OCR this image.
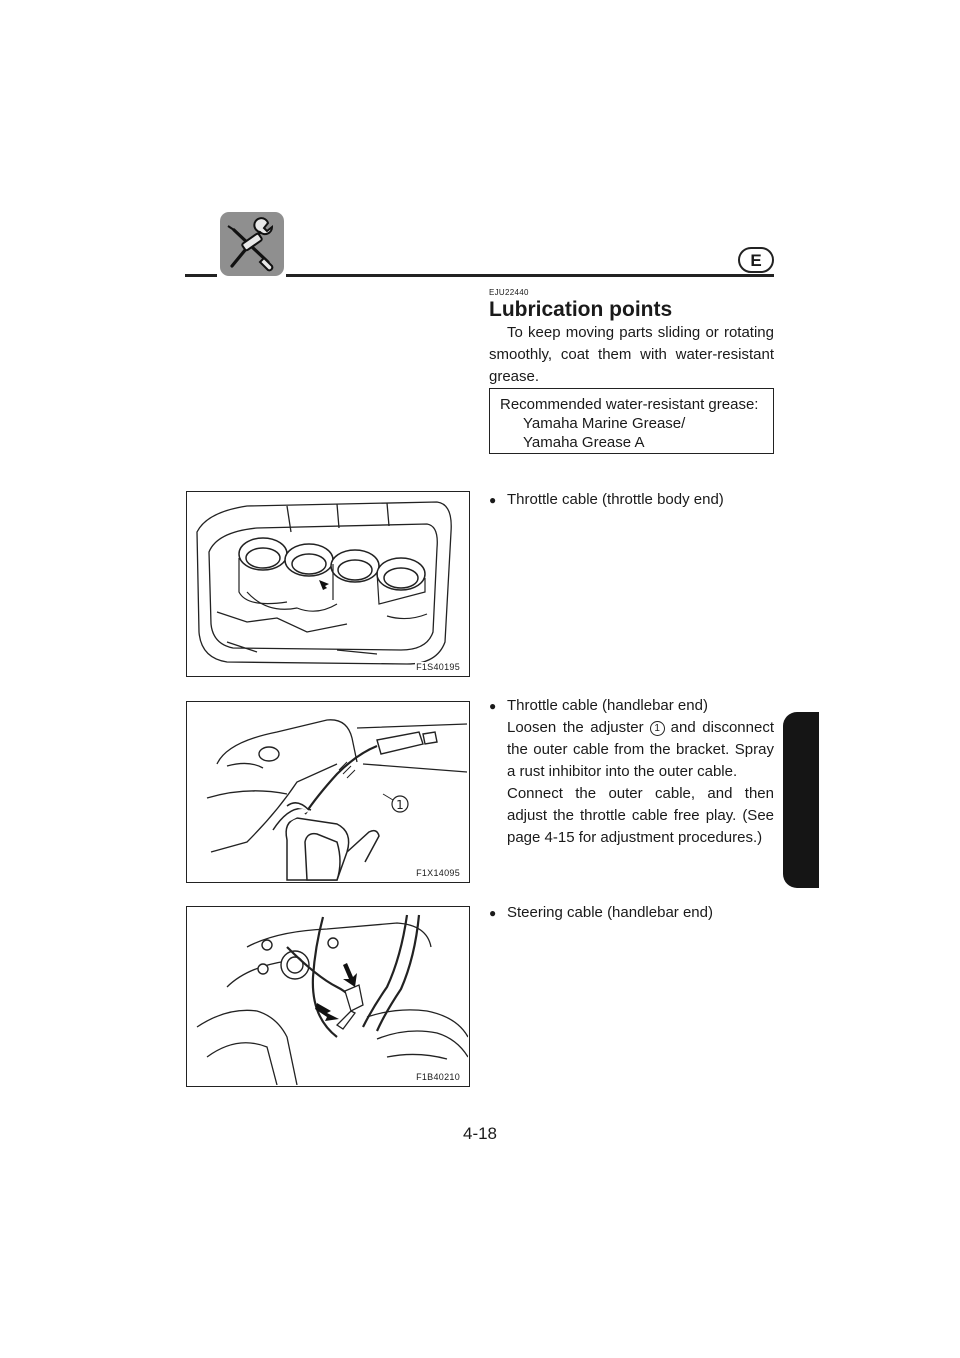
E
EJU22440
Lubrication points

To keep moving parts sliding or rotating smoothly, coat them with water-resistant grease.

Recommended water-resistant grease:
Yamaha Marine Grease/
Yamaha Grease A
● Throttle cable (throttle body end)
F1S40195
● Throttle cable (handlebar end)

Loosen the adjuster 1 and disconnect the outer cable from the bracket. Spray a rust inhibitor into the outer cable.

Connect the outer cable, and then adjust the throttle cable free play. (See page 4-15 for adjustment procedures.)

1
F1X14095
● Steering cable (handlebar end)
F1B40210
4-18
